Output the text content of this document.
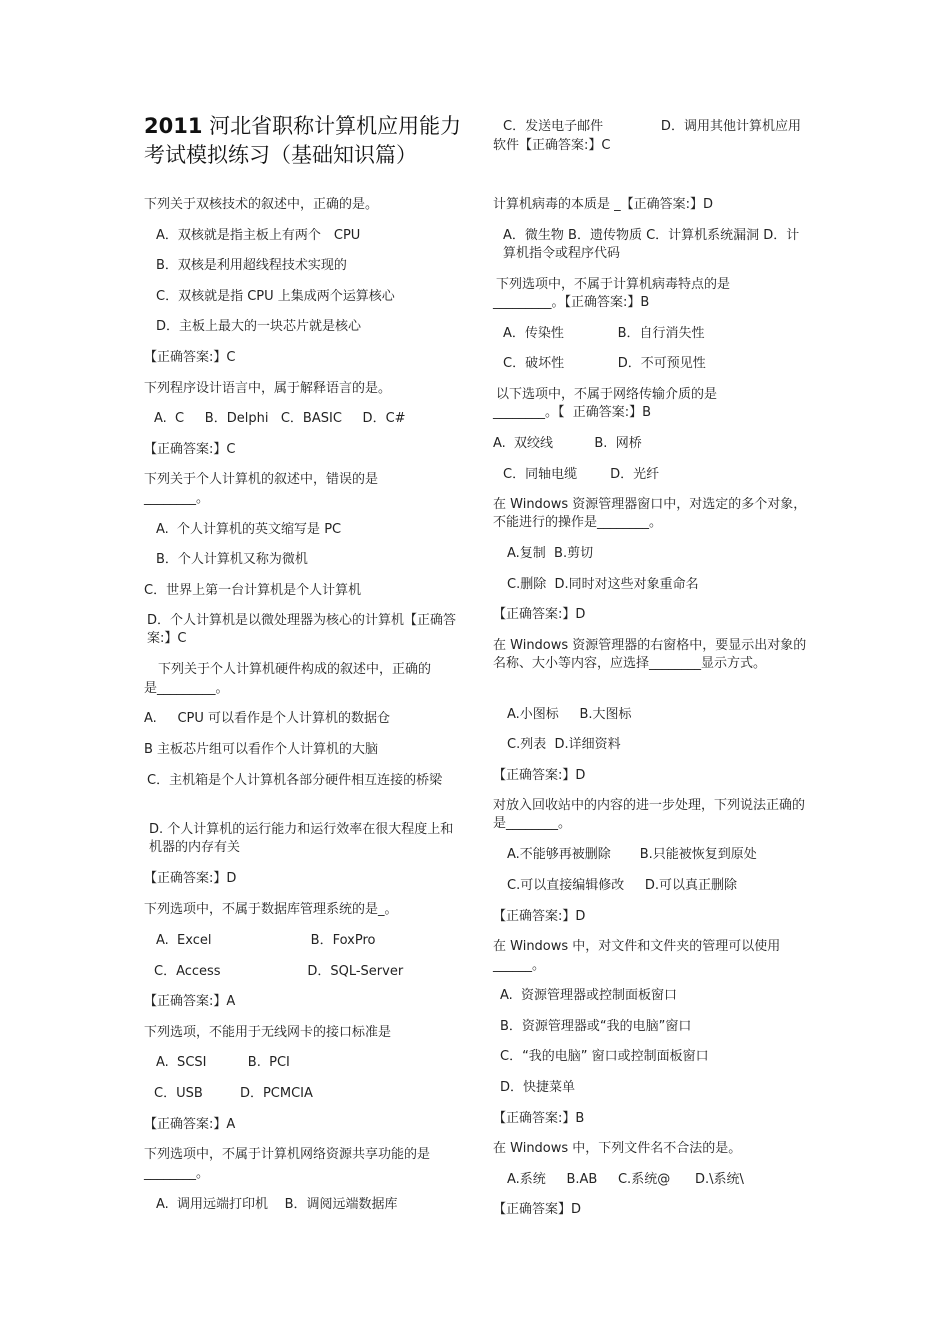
2011 河北省职称计算机应用能力考试模拟练习（基础知识篇）
下列关于双核技术的叙述中，正确的是。
A．双核就是指主板上有两个　CPU
B．双核是利用超线程技术实现的
C．双核就是指 CPU 上集成两个运算核心
D．主板上最大的一块芯片就是核心
【正确答案:】C
下列程序设计语言中，属于解释语言的是。
A.  C     B．Delphi   C．BASIC     D．C#
【正确答案:】C
下列关于个人计算机的叙述中，错误的是
________。
A.  个人计算机的英文缩写是 PC
B．个人计算机又称为微机
C．世界上第一台计算机是个人计算机
D．个人计算机是以微处理器为核心的计算机【正确答案:】C
下列关于个人计算机硬件构成的叙述中，正确的
是_________。
A.     CPU 可以看作是个人计算机的数据仓
B 主板芯片组可以看作个人计算机的大脑
C．主机箱是个人计算机各部分硬件相互连接的桥梁
D. 个人计算机的运行能力和运行效率在很大程度上和机器的内存有关
【正确答案:】D
下列选项中，不属于数据库管理系统的是_。
A.  Excel                        B．FoxPro
C．Access                     D．SQL-Server
【正确答案:】A
下列选项，不能用于无线网卡的接口标准是
A.  SCSI          B.  PCI
C．USB         D．PCMCIA
【正确答案:】A
下列选项中，不属于计算机网络资源共享功能的是
________。
A.  调用远端打印机    B．调阅远端数据库
C．发送电子邮件              D．调用其他计算机应用
软件【正确答案:】C
计算机病毒的本质是 _【正确答案:】D
A．微生物 B．遗传物质 C．计算机系统漏洞 D．计算机指令或程序代码
下列选项中，不属于计算机病毒特点的是
_________。【正确答案:】B
A．传染性             B．自行消失性
C．破坏性             D．不可预见性
以下选项中，不属于网络传输介质的是
________。【  正确答案:】B
A.  双绞线          B.  网桥
C．同轴电缆        D．光纤
在 Windows 资源管理器窗口中，对选定的多个对象，不能进行的操作是________。
A.复制  B.剪切
C.删除  D.同时对这些对象重命名
【正确答案:】D
在 Windows 资源管理器的右窗格中，要显示出对象的名称、大小等内容，应选择________显示方式。
A.小图标     B.大图标
C.列表  D.详细资料
【正确答案:】D
对放入回收站中的内容的进一步处理，下列说法正确的是________。
A.不能够再被删除       B.只能被恢复到原处
C.可以直接编辑修改     D.可以真正删除
【正确答案:】D
在 Windows 中，对文件和文件夹的管理可以使用
______。
A.  资源管理器或控制面板窗口
B．资源管理器或“我的电脑”窗口
C．“我的电脑” 窗口或控制面板窗口
D．快捷菜单
【正确答案:】B
在 Windows 中，下列文件名不合法的是。
A.系统     B.AB     C.系统@      D.\系统\
【正确答案】D
